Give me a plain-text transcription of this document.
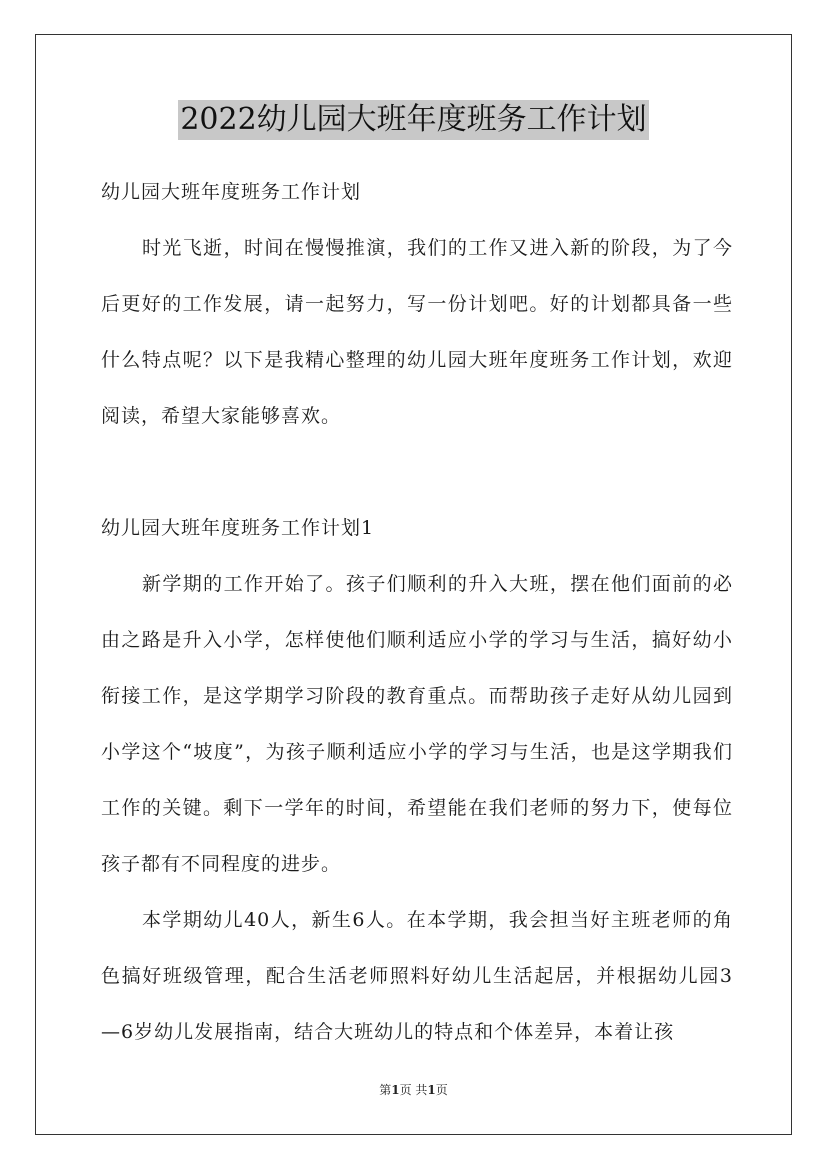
2022幼儿园大班年度班务工作计划

幼儿园大班年度班务工作计划

时光飞逝，时间在慢慢推演，我们的工作又进入新的阶段，为了今后更好的工作发展，请一起努力，写一份计划吧。好的计划都具备一些什么特点呢？以下是我精心整理的幼儿园大班年度班务工作计划，欢迎阅读，希望大家能够喜欢。

幼儿园大班年度班务工作计划1

新学期的工作开始了。孩子们顺利的升入大班，摆在他们面前的必由之路是升入小学，怎样使他们顺利适应小学的学习与生活，搞好幼小衔接工作，是这学期学习阶段的教育重点。而帮助孩子走好从幼儿园到小学这个“坡度”，为孩子顺利适应小学的学习与生活，也是这学期我们工作的关键。剩下一学年的时间，希望能在我们老师的努力下，使每位孩子都有不同程度的进步。

本学期幼儿40人，新生6人。在本学期，我会担当好主班老师的角色搞好班级管理，配合生活老师照料好幼儿生活起居，并根据幼儿园3—6岁幼儿发展指南，结合大班幼儿的特点和个体差异，本着让孩

第1页 共1页
